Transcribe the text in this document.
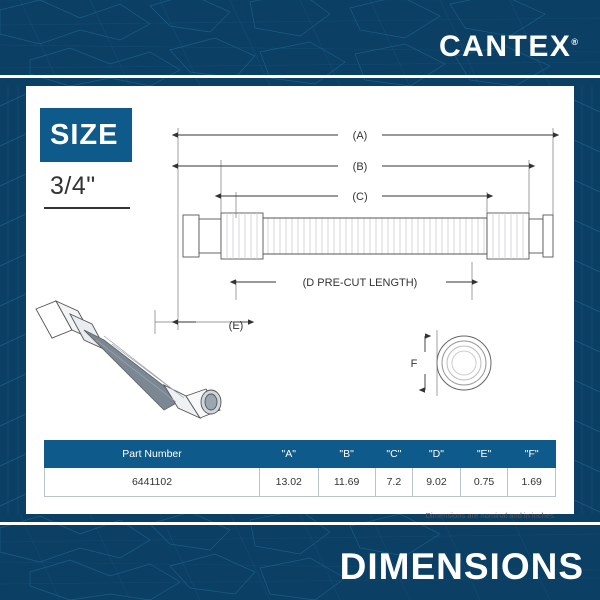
CANTEX®
DIMENSIONS
SIZE
3/4"
(A)
(B)
(C)
(D PRE-CUT LENGTH)
(E)
F
Part Number	"A"	"B"	"C"	"D"	"E"	"F"
6441102	13.02	11.69	7.2	9.02	0.75	1.69
Dimensions are nominal and in inches.
